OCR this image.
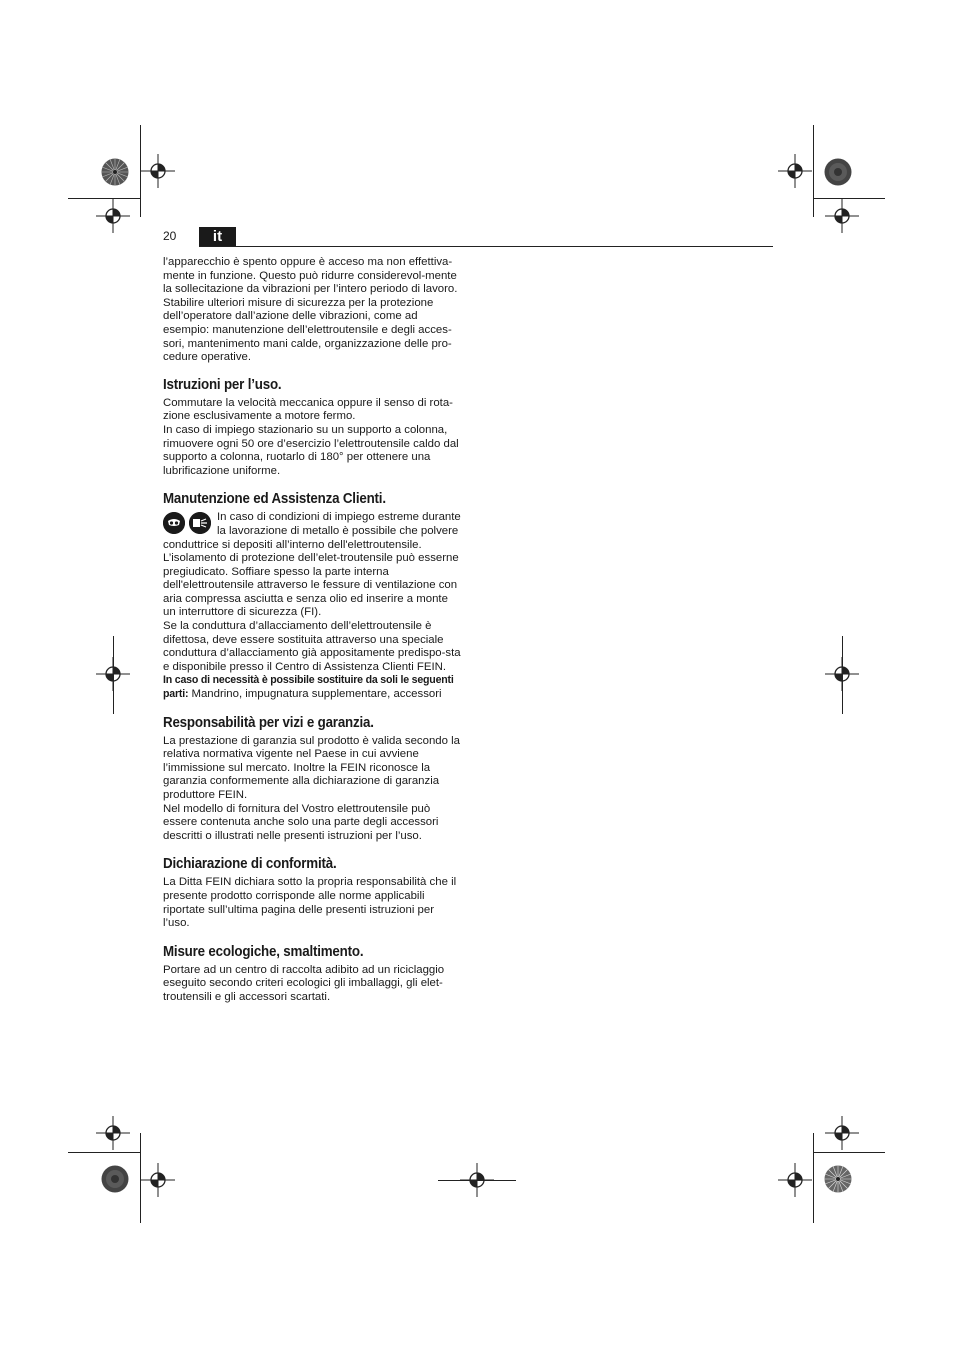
20	it

l’apparecchio è spento oppure è acceso ma non effettiva-mente in funzione. Questo può ridurre considerevol-mente la sollecitazione da vibrazioni per l’intero periodo di lavoro.

Stabilire ulteriori misure di sicurezza per la protezione dell’operatore dall’azione delle vibrazioni, come ad esempio: manutenzione dell’elettroutensile e degli acces-sori, mantenimento mani calde, organizzazione delle pro-cedure operative.

Istruzioni per l’uso.

Commutare la velocità meccanica oppure il senso di rota-zione esclusivamente a motore fermo.

In caso di impiego stazionario su un supporto a colonna, rimuovere ogni 50 ore d’esercizio l’elettroutensile caldo dal supporto a colonna, ruotarlo di 180° per ottenere una lubrificazione uniforme.

Manutenzione ed Assistenza Clienti.

In caso di condizioni di impiego estreme durante la lavorazione di metallo è possibile che polvere conduttrice si depositi all’interno dell'elettroutensile. L’isolamento di protezione dell’elet-troutensile può esserne pregiudicato. Soffiare spesso la parte interna dell'elettroutensile attraverso le fessure di ventilazione con aria compressa asciutta e senza olio ed inserire a monte un interruttore di sicurezza (FI).

Se la conduttura d’allacciamento dell’elettroutensile è difettosa, deve essere sostituita attraverso una speciale conduttura d’allacciamento già appositamente predispo-sta e disponibile presso il Centro di Assistenza Clienti FEIN.

In caso di necessità è possibile sostituire da soli le seguenti parti: Mandrino, impugnatura supplementare, accessori

Responsabilità per vizi e garanzia.

La prestazione di garanzia sul prodotto è valida secondo la relativa normativa vigente nel Paese in cui avviene l’immissione sul mercato. Inoltre la FEIN riconosce la garanzia conformemente alla dichiarazione di garanzia produttore FEIN.

Nel modello di fornitura del Vostro elettroutensile può essere contenuta anche solo una parte degli accessori descritti o illustrati nelle presenti istruzioni per l’uso.

Dichiarazione di conformità.

La Ditta FEIN dichiara sotto la propria responsabilità che il presente prodotto corrisponde alle norme applicabili riportate sull’ultima pagina delle presenti istruzioni per l’uso.

Misure ecologiche, smaltimento.

Portare ad un centro di raccolta adibito ad un riciclaggio eseguito secondo criteri ecologici gli imballaggi, gli elet-troutensili e gli accessori scartati.
